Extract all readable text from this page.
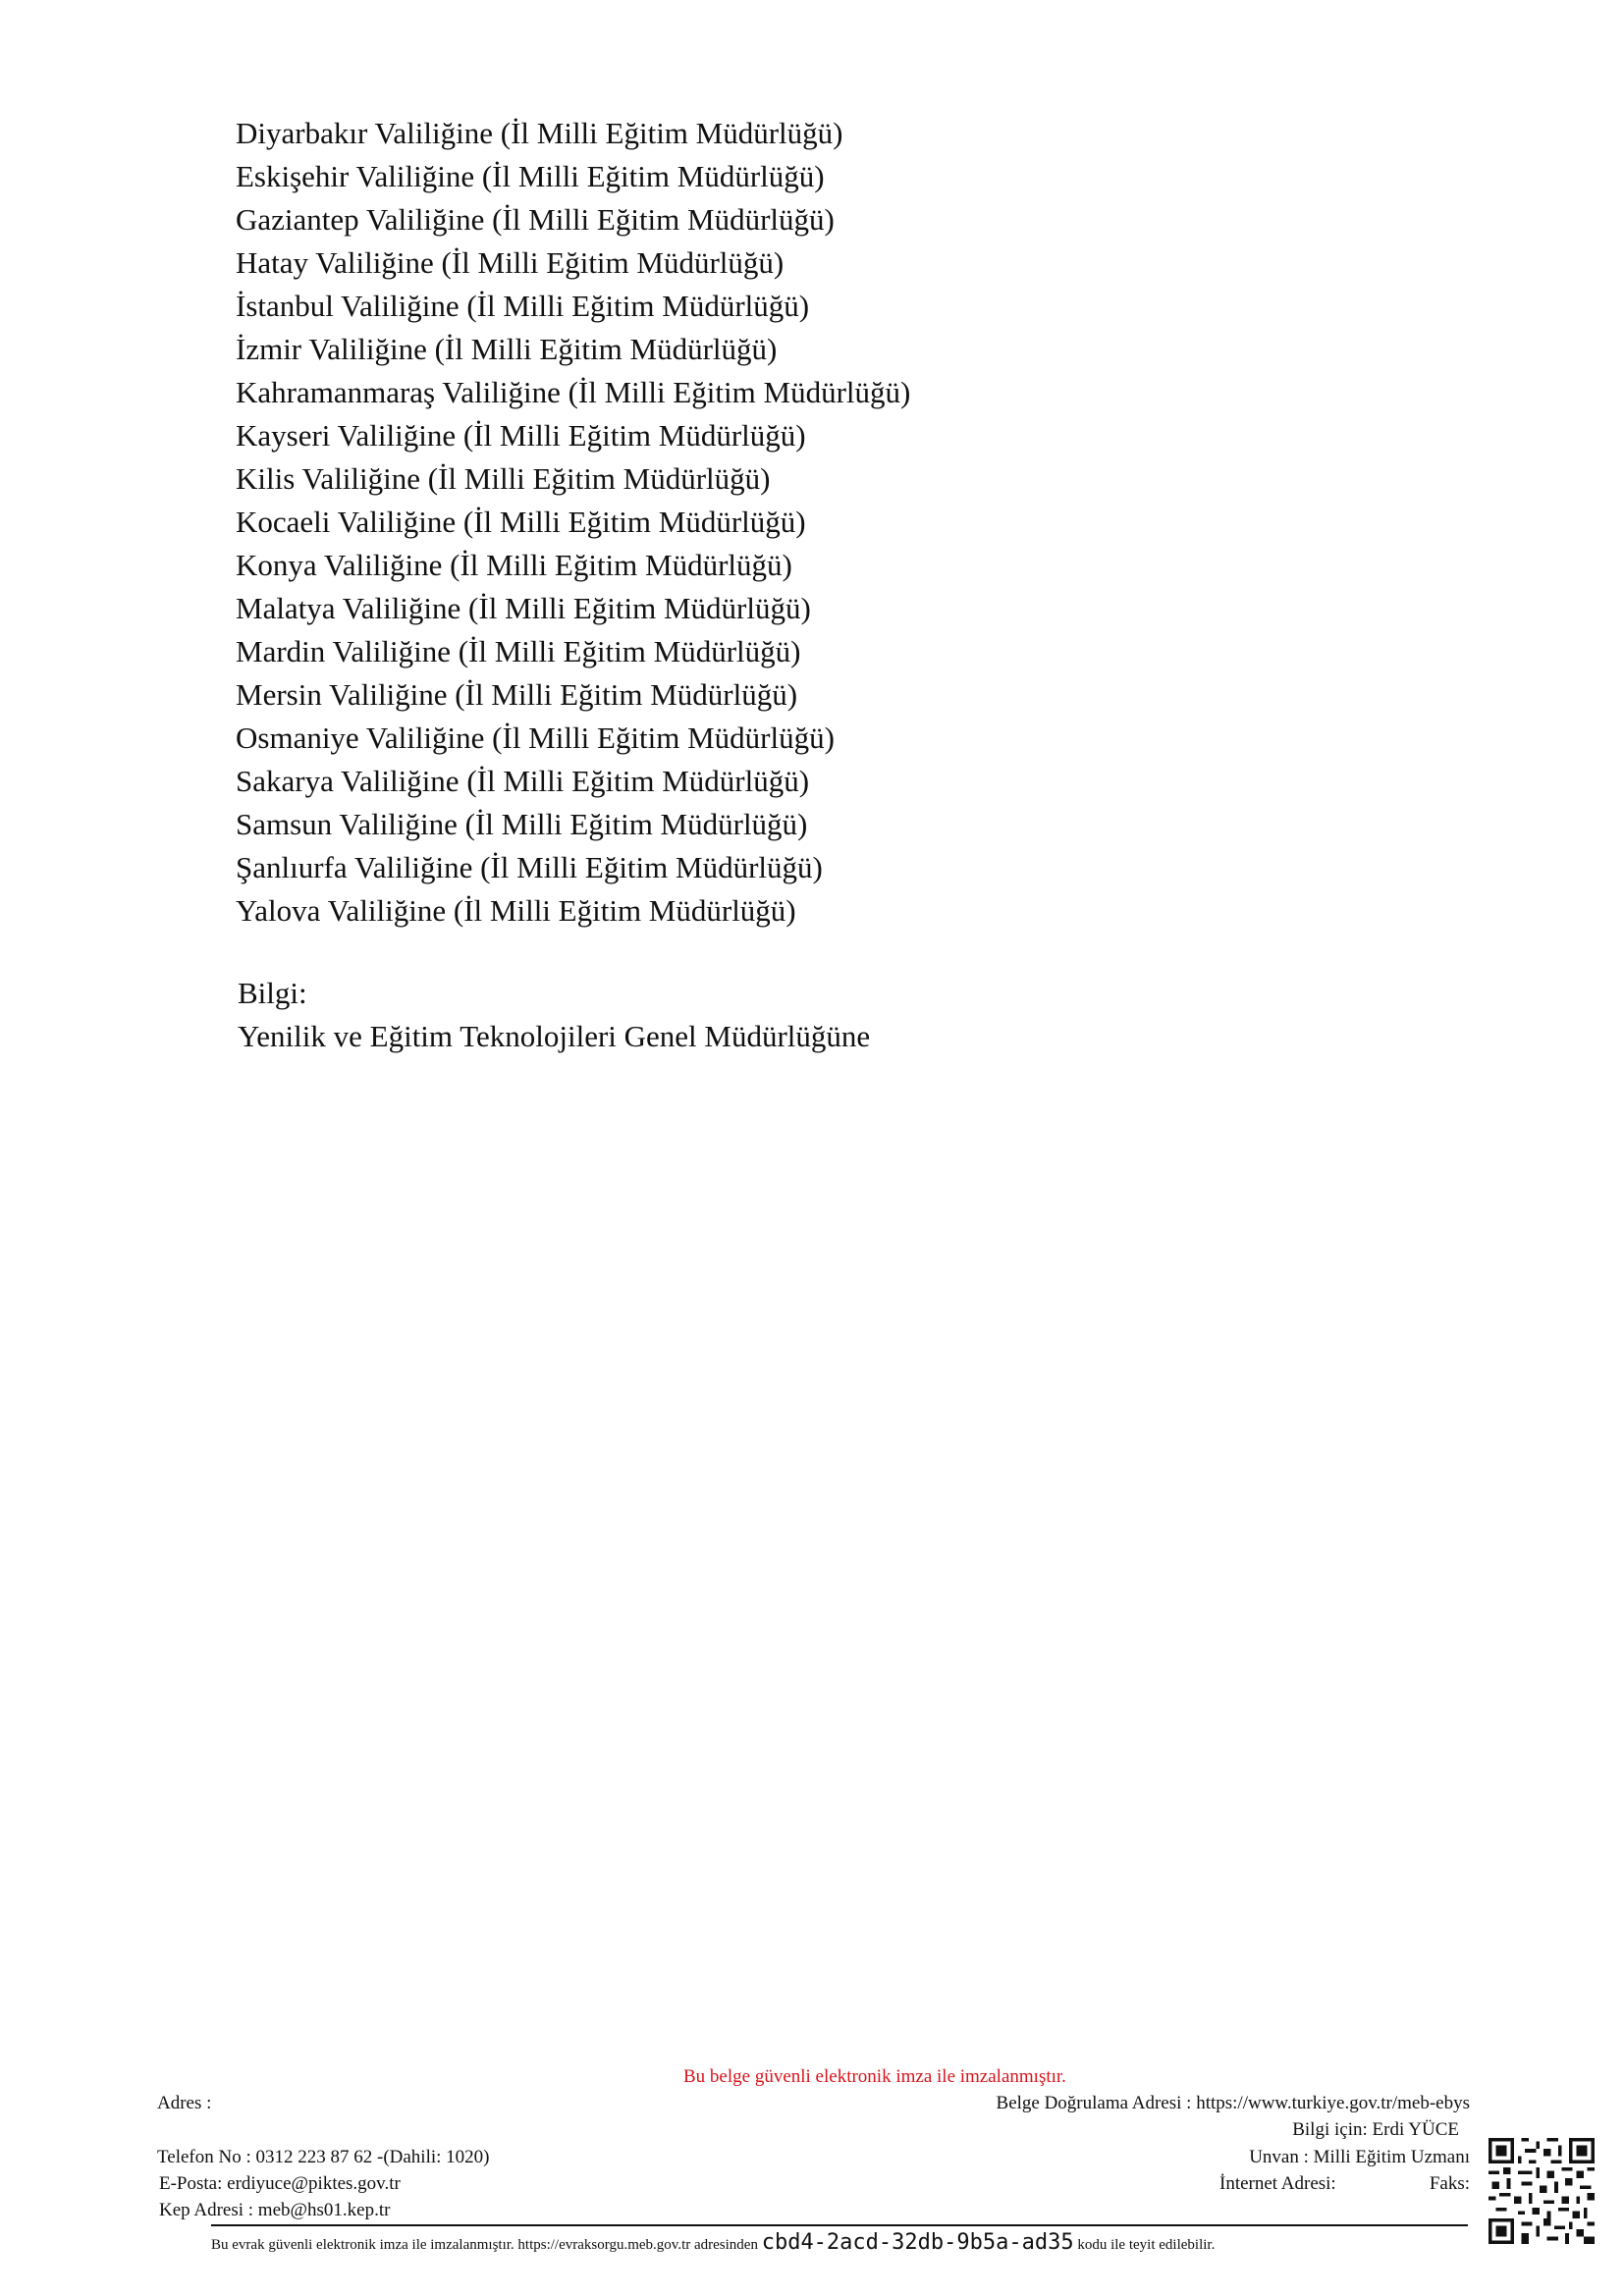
Diyarbakır Valiliğine (İl Milli Eğitim Müdürlüğü)
Eskişehir Valiliğine (İl Milli Eğitim Müdürlüğü)
Gaziantep Valiliğine (İl Milli Eğitim Müdürlüğü)
Hatay Valiliğine (İl Milli Eğitim Müdürlüğü)
İstanbul Valiliğine (İl Milli Eğitim Müdürlüğü)
İzmir Valiliğine (İl Milli Eğitim Müdürlüğü)
Kahramanmaraş Valiliğine (İl Milli Eğitim Müdürlüğü)
Kayseri Valiliğine (İl Milli Eğitim Müdürlüğü)
Kilis Valiliğine (İl Milli Eğitim Müdürlüğü)
Kocaeli Valiliğine (İl Milli Eğitim Müdürlüğü)
Konya Valiliğine (İl Milli Eğitim Müdürlüğü)
Malatya Valiliğine (İl Milli Eğitim Müdürlüğü)
Mardin Valiliğine (İl Milli Eğitim Müdürlüğü)
Mersin Valiliğine (İl Milli Eğitim Müdürlüğü)
Osmaniye Valiliğine (İl Milli Eğitim Müdürlüğü)
Sakarya Valiliğine (İl Milli Eğitim Müdürlüğü)
Samsun Valiliğine (İl Milli Eğitim Müdürlüğü)
Şanlıurfa Valiliğine (İl Milli Eğitim Müdürlüğü)
Yalova Valiliğine (İl Milli Eğitim Müdürlüğü)
Bilgi:
Yenilik ve Eğitim Teknolojileri Genel Müdürlüğüne
Bu belge güvenli elektronik imza ile imzalanmıştır.
Adres :	Belge Doğrulama Adresi : https://www.turkiye.gov.tr/meb-ebys
Bilgi için: Erdi YÜCE
Telefon No : 0312 223 87 62 -(Dahili: 1020)	Unvan : Milli Eğitim Uzmanı
E-Posta: erdiyuce@piktes.gov.tr	İnternet Adresi:	Faks:
Kep Adresi : meb@hs01.kep.tr
Bu evrak güvenli elektronik imza ile imzalanmıştır. https://evraksorgu.meb.gov.tr adresinden cbd4-2acd-32db-9b5a-ad35 kodu ile teyit edilebilir.
